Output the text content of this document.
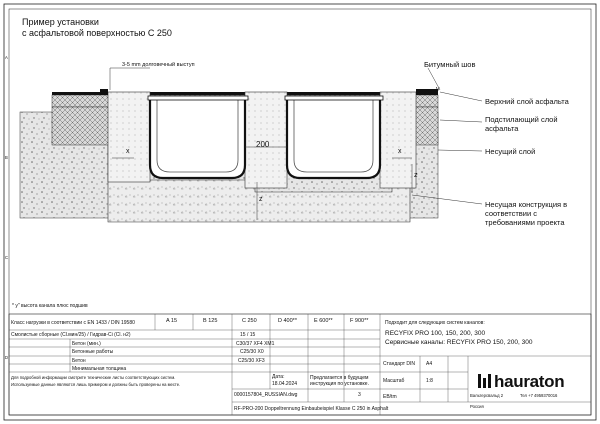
Пример установки
с асфальтовой поверхностью С 250
3-5 mm долговечный выступ
200
x	x
z
z
y
Битумный шов
Верхний слой асфальта
Подстилающий слой
асфальта
Несущий слой
Несущая конструкция в
соответствии с
требованиями проекта
* y" высота канала плюс подшив
A
B
C
D
Класс нагрузки в соответствии с EN 1433 / DIN 19580	A 15	B 125	C 250	D 400**	E 600**	F 900**
Смолистые сборные (Cl.мин/25) / Гидрав-Ci (Cl. н2)	15 / 15
Бетон (мин.)	C30/37 XF4 XM1
Бетонные работы	C25/30 X0
Бетон	C25/30 XF3
Минимальная толщина
Для подробной информации смотрите технические листы соответствующих систем.
Используемые данные являются лишь примером и должны быть проверены на месте.
0000157804_RUSSIAN.dwg
Дата:
18.04.2024
Предлагается в будущем
инструкция по установке.
3
RF-PRO-200 Doppeltrennung Einbaubeispiel Klasse C 250 in Asphalt
Подходит для следующих систем каналов:
RECYFIX PRO 100, 150, 200, 300
Сервисные каналы: RECYFIX PRO 150, 200, 300
Стандарт DIN A4
Масштаб	1:8
ЕВ/tm
hauraton
Вальтерсвальд 2	Тел +7 4959370016
Россия
